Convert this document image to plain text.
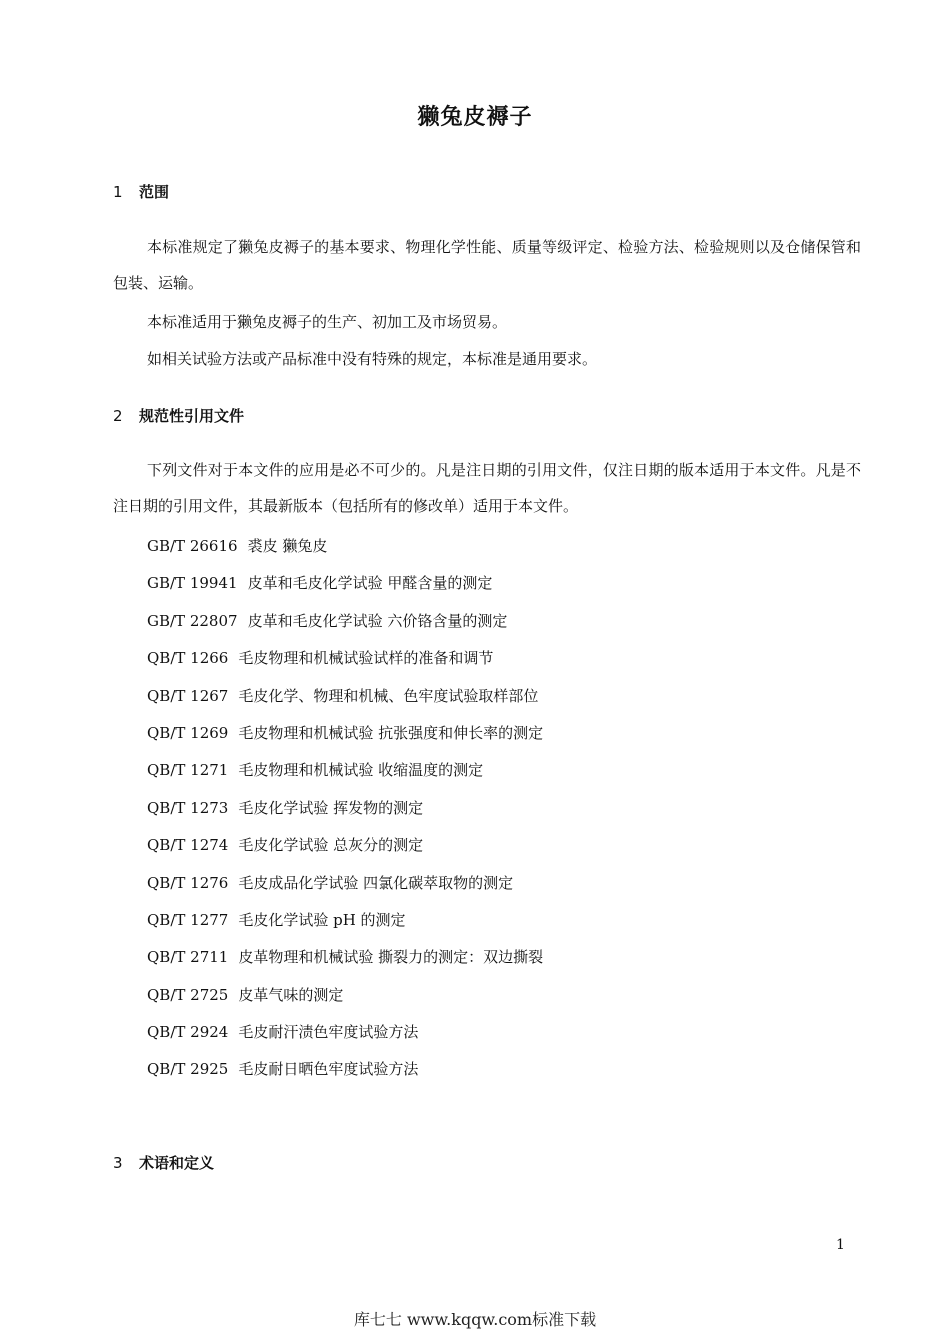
獭兔皮褥子
1 范围
本标准规定了獭兔皮褥子的基本要求、物理化学性能、质量等级评定、检验方法、检验规则以及仓储保管和包装、运输。
本标准适用于獭兔皮褥子的生产、初加工及市场贸易。
如相关试验方法或产品标准中没有特殊的规定，本标准是通用要求。
2 规范性引用文件
下列文件对于本文件的应用是必不可少的。凡是注日期的引用文件，仅注日期的版本适用于本文件。凡是不注日期的引用文件，其最新版本（包括所有的修改单）适用于本文件。
GB/T 26616 裘皮 獭兔皮
GB/T 19941 皮革和毛皮化学试验 甲醛含量的测定
GB/T 22807 皮革和毛皮化学试验 六价铬含量的测定
QB/T 1266 毛皮物理和机械试验试样的准备和调节
QB/T 1267 毛皮化学、物理和机械、色牢度试验取样部位
QB/T 1269 毛皮物理和机械试验 抗张强度和伸长率的测定
QB/T 1271 毛皮物理和机械试验 收缩温度的测定
QB/T 1273 毛皮化学试验 挥发物的测定
QB/T 1274 毛皮化学试验 总灰分的测定
QB/T 1276 毛皮成品化学试验 四氯化碳萃取物的测定
QB/T 1277 毛皮化学试验 pH 的测定
QB/T 2711 皮革物理和机械试验 撕裂力的测定：双边撕裂
QB/T 2725 皮革气味的测定
QB/T 2924 毛皮耐汗渍色牢度试验方法
QB/T 2925 毛皮耐日晒色牢度试验方法
3 术语和定义
1
库七七 www.kqqw.com标准下载
